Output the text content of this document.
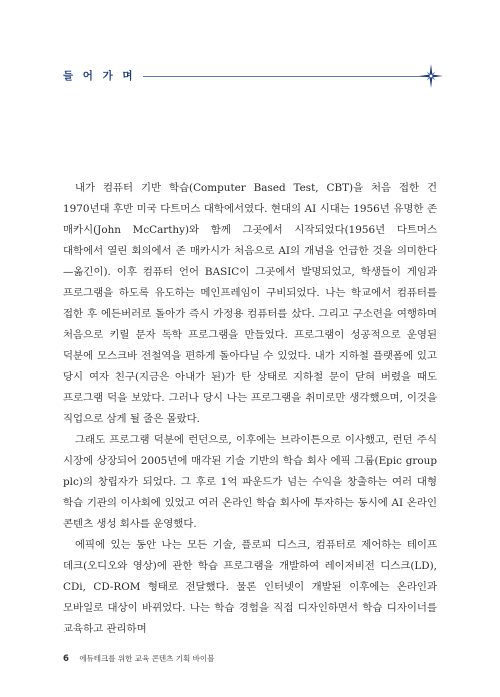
들 어 가 며

내가 컴퓨터 기반 학습(Computer Based Test, CBT)을 처음 접한 건 1970년대 후반 미국 다트머스 대학에서였다. 현대의 AI 시대는 1956년 유명한 존 매카시(John McCarthy)와 함께 그곳에서 시작되었다(1956년 다트머스 대학에서 열린 회의에서 존 매카시가 처음으로 AI의 개념을 언급한 것을 의미한다—옮긴이). 이후 컴퓨터 언어 BASIC이 그곳에서 발명되었고, 학생들이 게임과 프로그램을 하도록 유도하는 메인프레임이 구비되었다. 나는 학교에서 컴퓨터를 접한 후 에든버러로 돌아가 즉시 가정용 컴퓨터를 샀다. 그리고 구소련을 여행하며 처음으로 키릴 문자 독학 프로그램을 만들었다. 프로그램이 성공적으로 운영된 덕분에 모스크바 전철역을 편하게 돌아다닐 수 있었다. 내가 지하철 플랫폼에 있고 당시 여자 친구(지금은 아내가 된)가 탄 상태로 지하철 문이 닫혀 버렸을 때도 프로그램 덕을 보았다. 그러나 당시 나는 프로그램을 취미로만 생각했으며, 이것을 직업으로 삼게 될 줄은 몰랐다.

그래도 프로그램 덕분에 런던으로, 이후에는 브라이튼으로 이사했고, 런던 주식 시장에 상장되어 2005년에 매각된 기술 기반의 학습 회사 에픽 그룹(Epic group plc)의 창립자가 되었다. 그 후로 1억 파운드가 넘는 수익을 창출하는 여러 대형 학습 기관의 이사회에 있었고 여러 온라인 학습 회사에 투자하는 동시에 AI 온라인 콘텐츠 생성 회사를 운영했다.

에픽에 있는 동안 나는 모든 기술, 플로피 디스크, 컴퓨터로 제어하는 테이프 데크(오디오와 영상)에 관한 학습 프로그램을 개발하여 레이저비전 디스크(LD), CDi, CD-ROM 형태로 전달했다. 물론 인터넷이 개발된 이후에는 온라인과 모바일로 대상이 바뀌었다. 나는 학습 경험을 직접 디자인하면서 학습 디자이너를 교육하고 관리하며

6 에듀테크를 위한 교육 콘텐츠 기획 바이블
